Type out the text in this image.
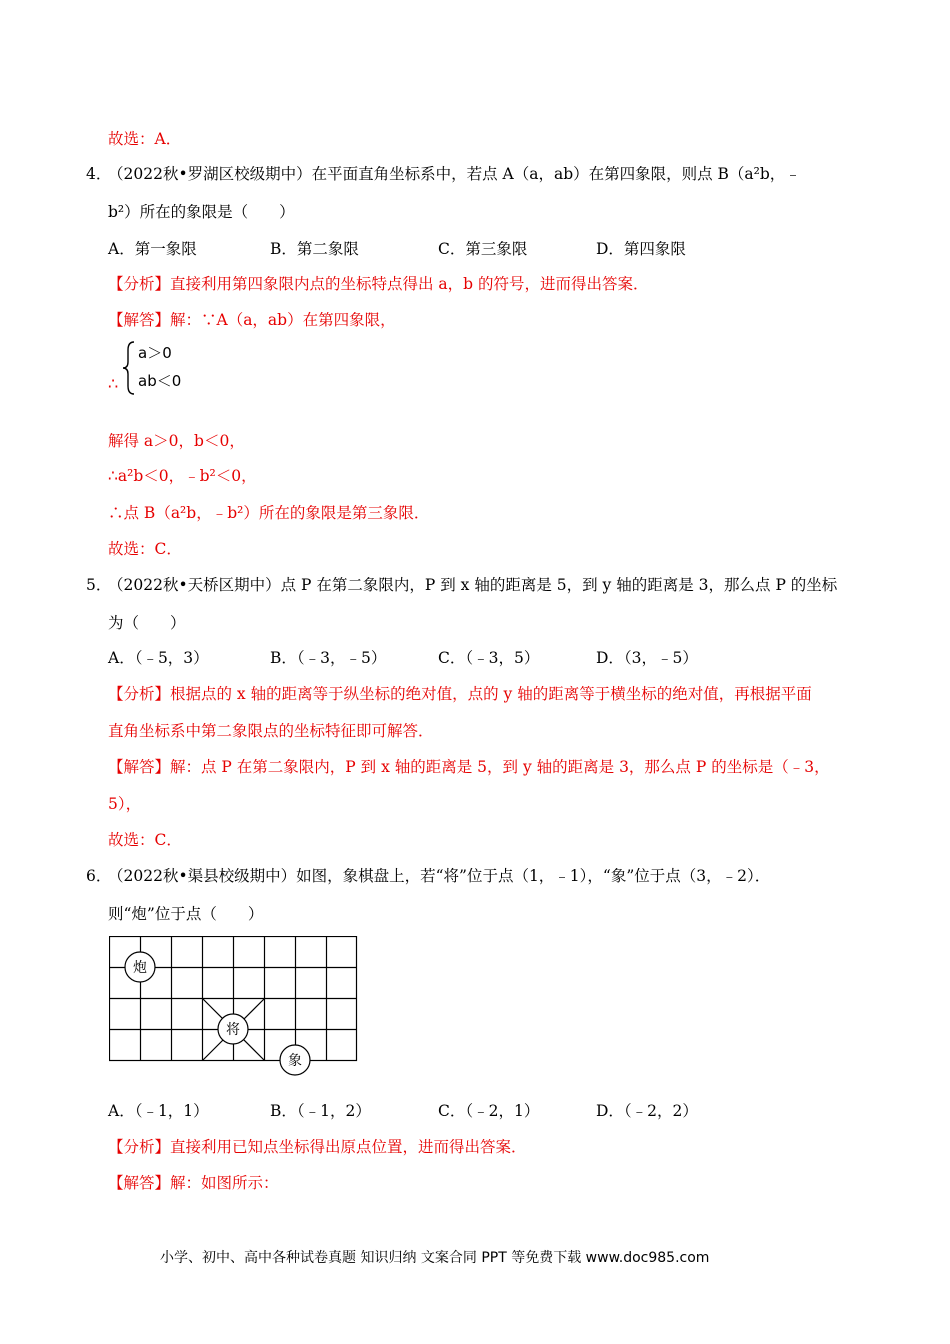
故选：A．
4．
（2022秋•罗湖区校级期中）在平面直角坐标系中，若点 A（a，ab）在第四象限，则点 B（a²b，﹣
b²）所在的象限是（　　）
A．第一象限	B．第二象限	C．第三象限	D．第四象限
【分析】直接利用第四象限内点的坐标特点得出 a，b 的符号，进而得出答案．
【解答】解：∵A（a，ab）在第四象限，
a＞0
ab＜0
∴
解得 a＞0，b＜0，
∴a²b＜0，﹣b²＜0，
∴点 B（a²b，﹣b²）所在的象限是第三象限．
故选：C．
5．
（2022秋•天桥区期中）点 P 在第二象限内，P 到 x 轴的距离是 5，到 y 轴的距离是 3，那么点 P 的坐标
为（　　）
A．（﹣5，3）	B．（﹣3，﹣5）	C．（﹣3，5）	D．（3，﹣5）
【分析】根据点的 x 轴的距离等于纵坐标的绝对值，点的 y 轴的距离等于横坐标的绝对值，再根据平面
直角坐标系中第二象限点的坐标特征即可解答．
【解答】解：点 P 在第二象限内，P 到 x 轴的距离是 5，到 y 轴的距离是 3，那么点 P 的坐标是（﹣3，
5），
故选：C．
6．
（2022秋•渠县校级期中）如图，象棋盘上，若“将”位于点（1，﹣1），“象”位于点（3，﹣2）．
则“炮”位于点（　　）
炮
将
象
A．（﹣1，1）	B．（﹣1，2）	C．（﹣2，1）	D．（﹣2，2）
【分析】直接利用已知点坐标得出原点位置，进而得出答案．
【解答】解：如图所示：
小学、初中、高中各种试卷真题 知识归纳 文案合同 PPT 等免费下载 www.doc985.com
